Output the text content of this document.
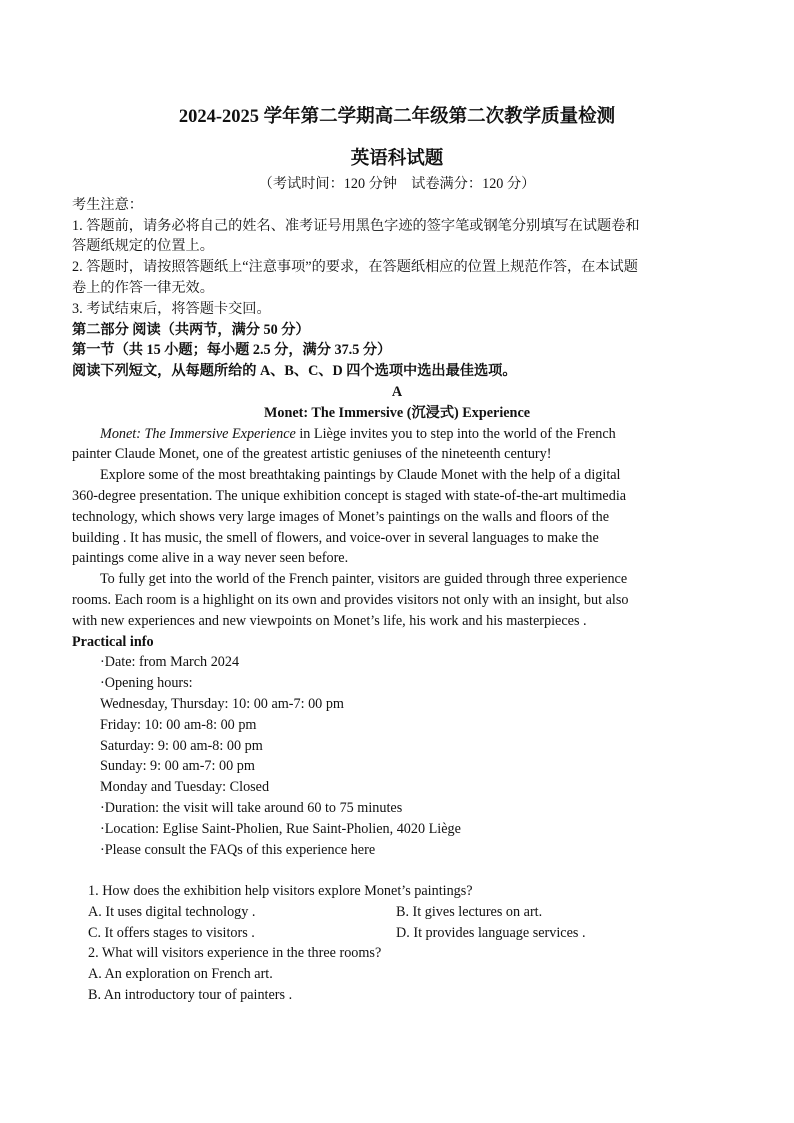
2024-2025 学年第二学期高二年级第二次教学质量检测
英语科试题
（考试时间：120 分钟　试卷满分：120 分）
考生注意：
1. 答题前，请务必将自己的姓名、准考证号用黑色字迹的签字笔或钢笔分别填写在试题卷和
答题纸规定的位置上。
2. 答题时，请按照答题纸上“注意事项”的要求，在答题纸相应的位置上规范作答，在本试题
卷上的作答一律无效。
3. 考试结束后，将答题卡交回。
第二部分 阅读（共两节，满分 50 分）
第一节（共 15 小题；每小题 2.5 分，满分 37.5 分）
阅读下列短文，从每题所给的 A、B、C、D 四个选项中选出最佳选项。
A
Monet: The Immersive (沉浸式) Experience
Monet: The Immersive Experience in Liège invites you to step into the world of the French
painter Claude Monet, one of the greatest artistic geniuses of the nineteenth century!
Explore some of the most breathtaking paintings by Claude Monet with the help of a digital
360-degree presentation. The unique exhibition concept is staged with state-of-the-art multimedia
technology, which shows very large images of Monet’s paintings on the walls and floors of the
building . It has music, the smell of flowers, and voice-over in several languages to make the
paintings come alive in a way never seen before.
To fully get into the world of the French painter, visitors are guided through three experience
rooms. Each room is a highlight on its own and provides visitors not only with an insight, but also
with new experiences and new viewpoints on Monet’s life, his work and his masterpieces .
Practical info
·Date: from March 2024
·Opening hours:
Wednesday, Thursday: 10: 00 am-7: 00 pm
Friday: 10: 00 am-8: 00 pm
Saturday: 9: 00 am-8: 00 pm
Sunday: 9: 00 am-7: 00 pm
Monday and Tuesday: Closed
·Duration: the visit will take around 60 to 75 minutes
·Location: Eglise Saint-Pholien, Rue Saint-Pholien, 4020 Liège
·Please consult the FAQs of this experience here
1. How does the exhibition help visitors explore Monet’s paintings?
A. It uses digital technology .	B. It gives lectures on art.
C. It offers stages to visitors .	D. It provides language services .
2. What will visitors experience in the three rooms?
A. An exploration on French art.
B. An introductory tour of painters .
